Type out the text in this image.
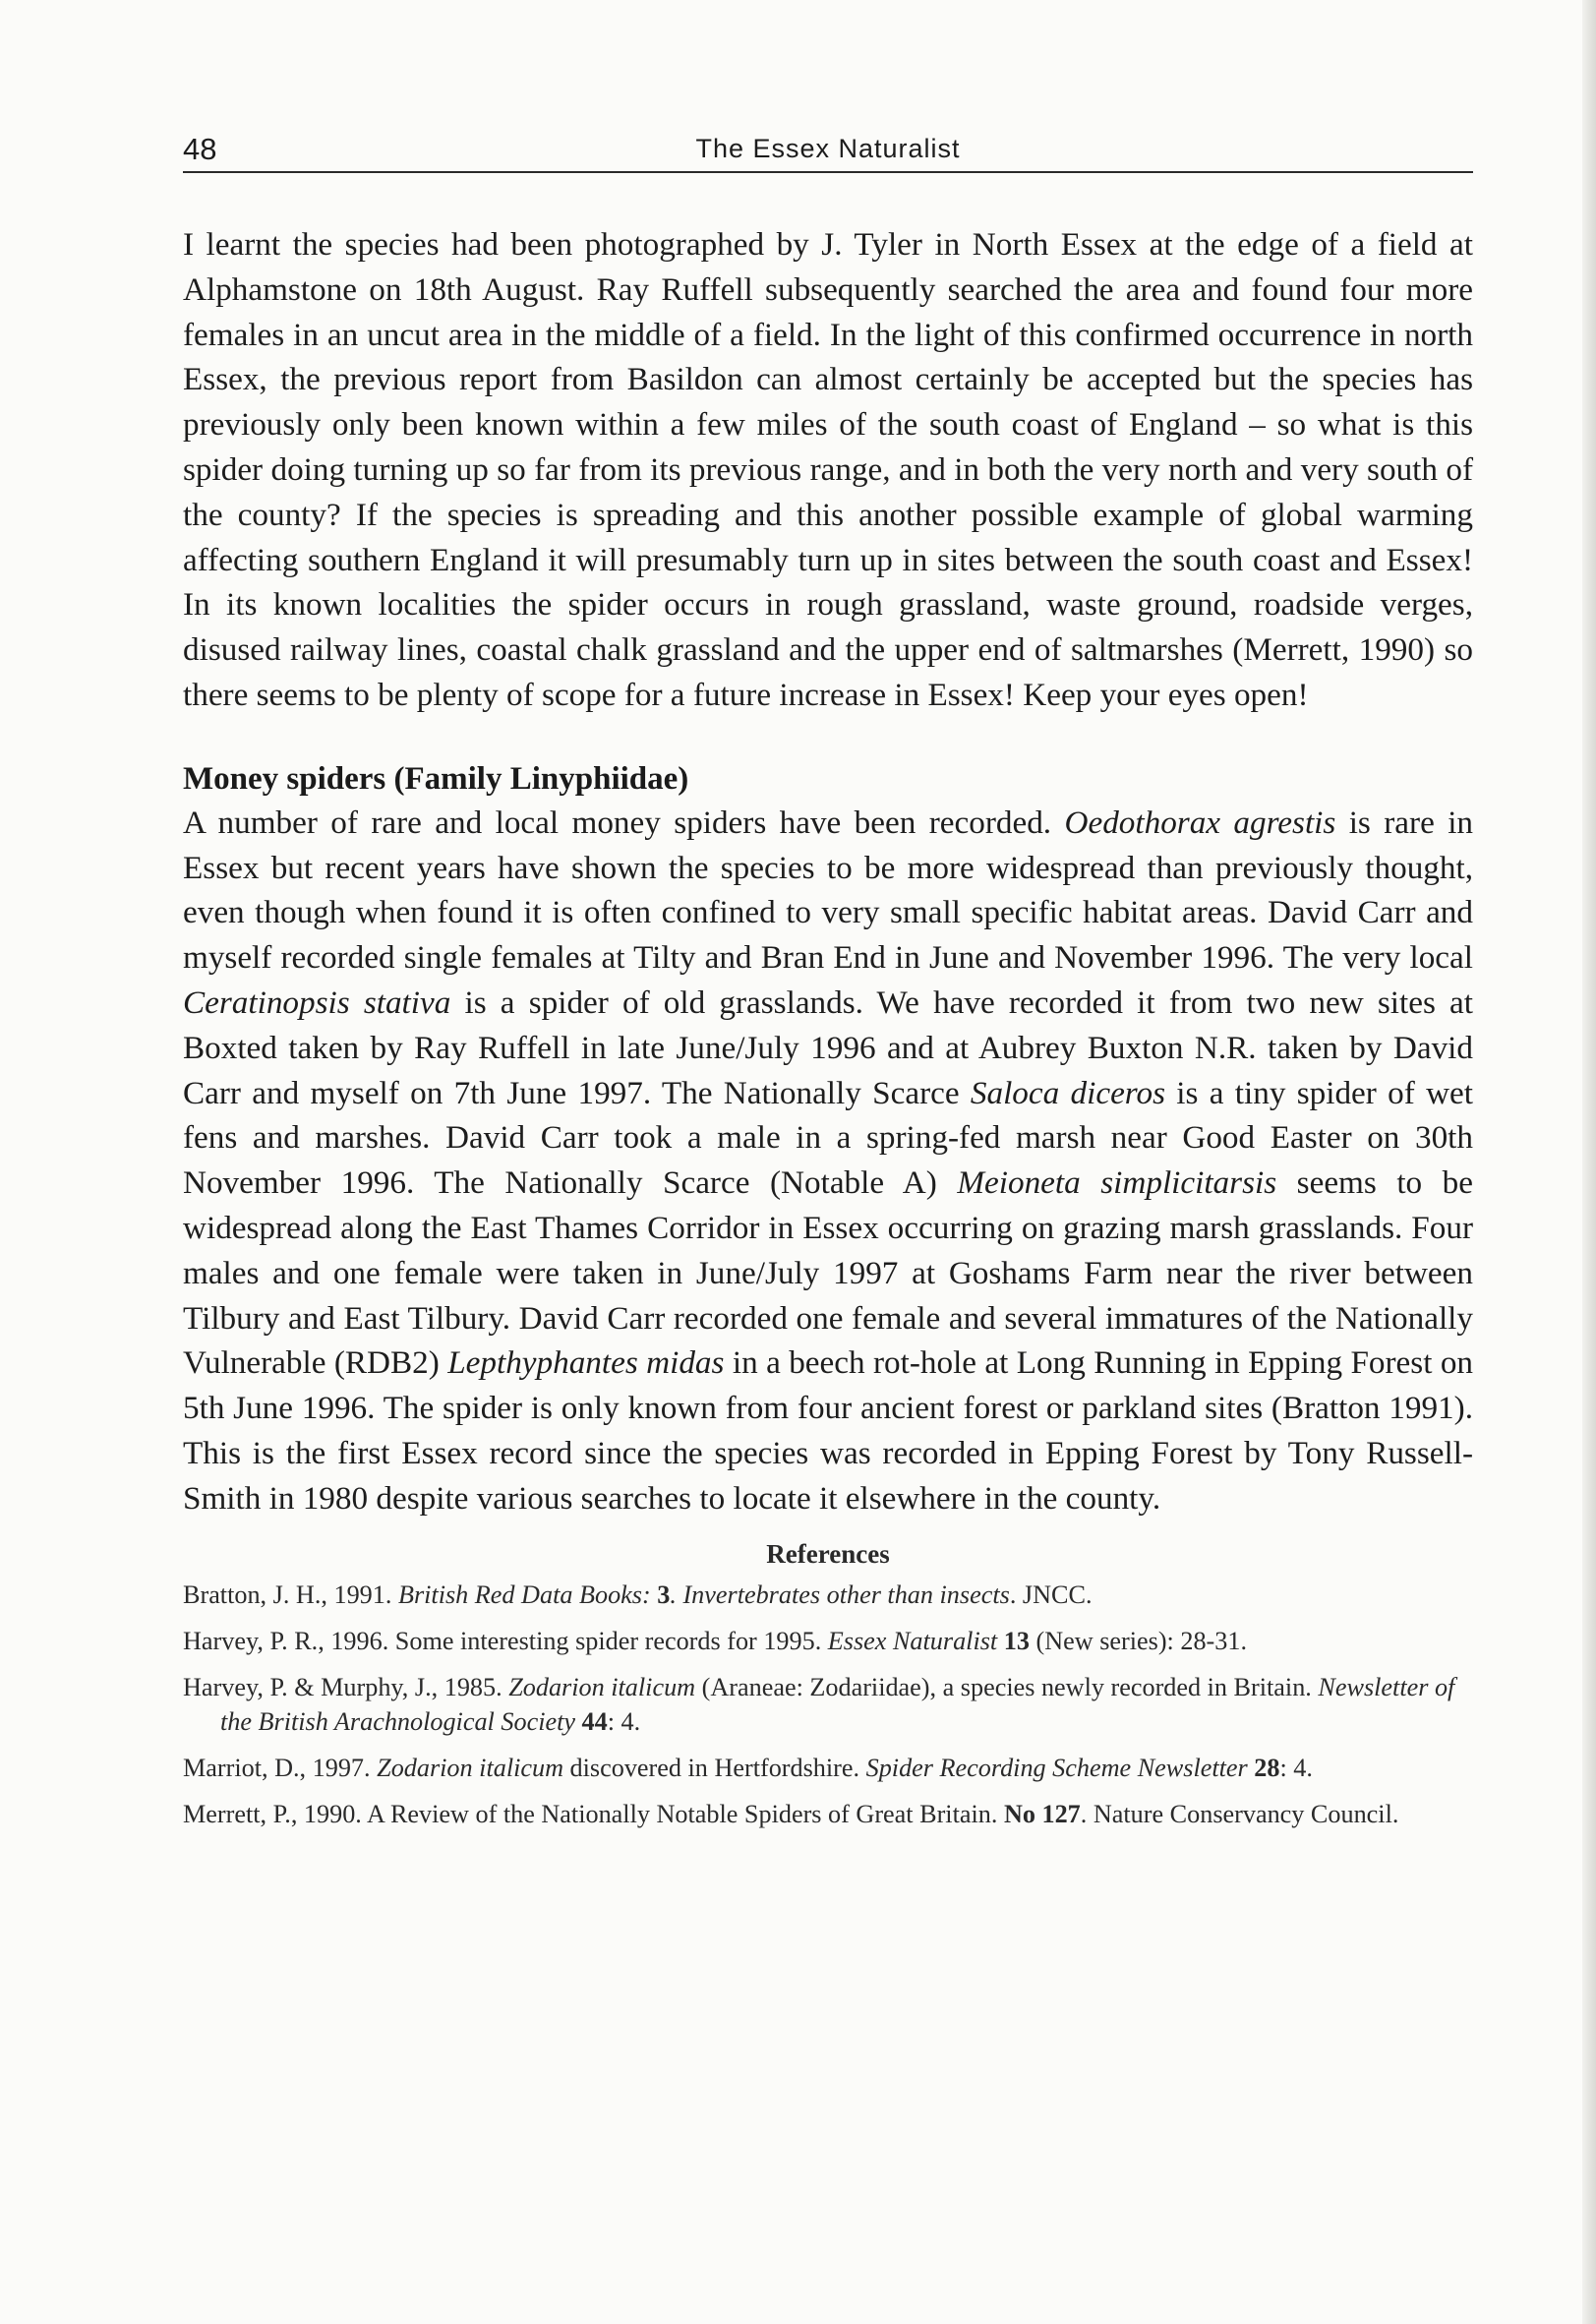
48	The Essex Naturalist

I learnt the species had been photographed by J. Tyler in North Essex at the edge of a field at Alphamstone on 18th August. Ray Ruffell subsequently searched the area and found four more females in an uncut area in the middle of a field. In the light of this confirmed occurrence in north Essex, the previous report from Basildon can almost certainly be accepted but the species has previously only been known within a few miles of the south coast of England – so what is this spider doing turning up so far from its previous range, and in both the very north and very south of the county? If the species is spreading and this another possible example of global warming affecting southern England it will presumably turn up in sites between the south coast and Essex! In its known localities the spider occurs in rough grassland, waste ground, roadside verges, disused railway lines, coastal chalk grassland and the upper end of saltmarshes (Merrett, 1990) so there seems to be plenty of scope for a future increase in Essex! Keep your eyes open!

Money spiders (Family Linyphiidae)

A number of rare and local money spiders have been recorded. Oedothorax agrestis is rare in Essex but recent years have shown the species to be more widespread than previously thought, even though when found it is often confined to very small specific habitat areas. David Carr and myself recorded single females at Tilty and Bran End in June and November 1996. The very local Ceratinopsis stativa is a spider of old grasslands. We have recorded it from two new sites at Boxted taken by Ray Ruffell in late June/July 1996 and at Aubrey Buxton N.R. taken by David Carr and myself on 7th June 1997. The Nationally Scarce Saloca diceros is a tiny spider of wet fens and marshes. David Carr took a male in a spring-fed marsh near Good Easter on 30th November 1996. The Nationally Scarce (Notable A) Meioneta simplicitarsis seems to be widespread along the East Thames Corridor in Essex occurring on grazing marsh grasslands. Four males and one female were taken in June/July 1997 at Goshams Farm near the river between Tilbury and East Tilbury. David Carr recorded one female and several immatures of the Nationally Vulnerable (RDB2) Lepthyphantes midas in a beech rot-hole at Long Running in Epping Forest on 5th June 1996. The spider is only known from four ancient forest or parkland sites (Bratton 1991). This is the first Essex record since the species was recorded in Epping Forest by Tony Russell-Smith in 1980 despite various searches to locate it elsewhere in the county.

References
Bratton, J. H., 1991. British Red Data Books: 3. Invertebrates other than insects. JNCC.
Harvey, P. R., 1996. Some interesting spider records for 1995. Essex Naturalist 13 (New series): 28-31.
Harvey, P. & Murphy, J., 1985. Zodarion italicum (Araneae: Zodariidae), a species newly recorded in Britain. Newsletter of the British Arachnological Society 44: 4.
Marriot, D., 1997. Zodarion italicum discovered in Hertfordshire. Spider Recording Scheme Newsletter 28: 4.
Merrett, P., 1990. A Review of the Nationally Notable Spiders of Great Britain. No 127. Nature Conservancy Council.
